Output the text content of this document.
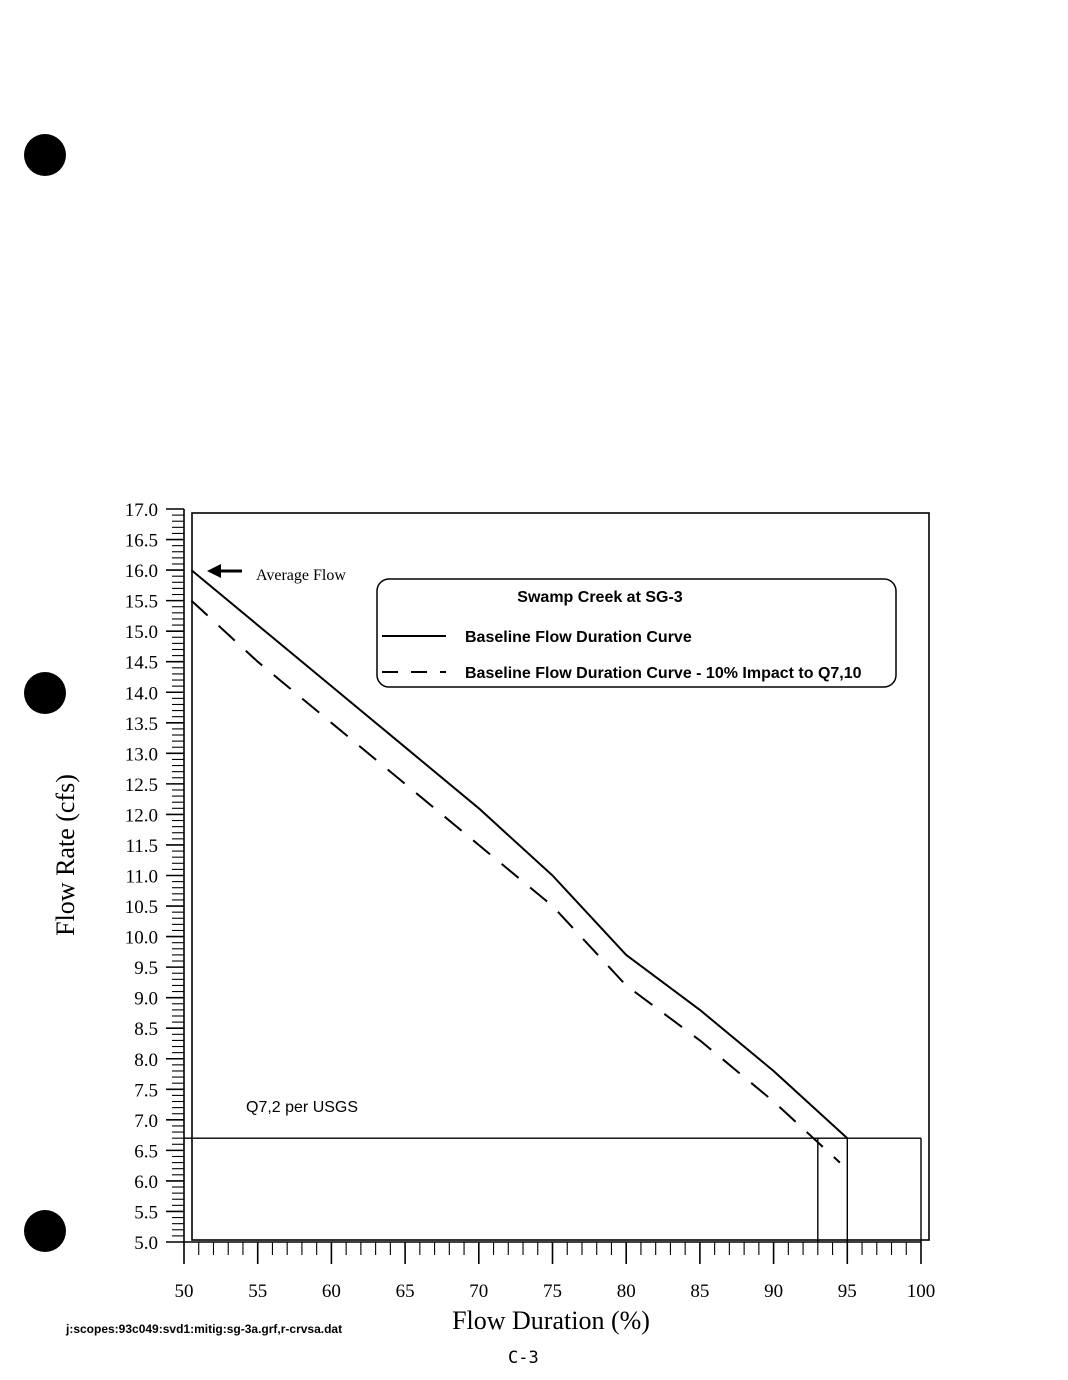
17.0
16.5
16.0
15.5
15.0
14.5
14.0
13.5
13.0
12.5
12.0
11.5
11.0
10.5
10.0
9.5
9.0
8.5
8.0
7.5
7.0
6.5
6.0
5.5
5.0
50	55	60	65	70	75	80	85	90	95	100
Flow Rate (cfs)
Flow Duration (%)
Average Flow
Q7,2 per USGS
Swamp Creek at SG-3
Baseline Flow Duration Curve
Baseline Flow Duration Curve - 10% Impact to Q7,10
j:scopes:93c049:svd1:mitig:sg-3a.grf,r-crvsa.dat
C-3
